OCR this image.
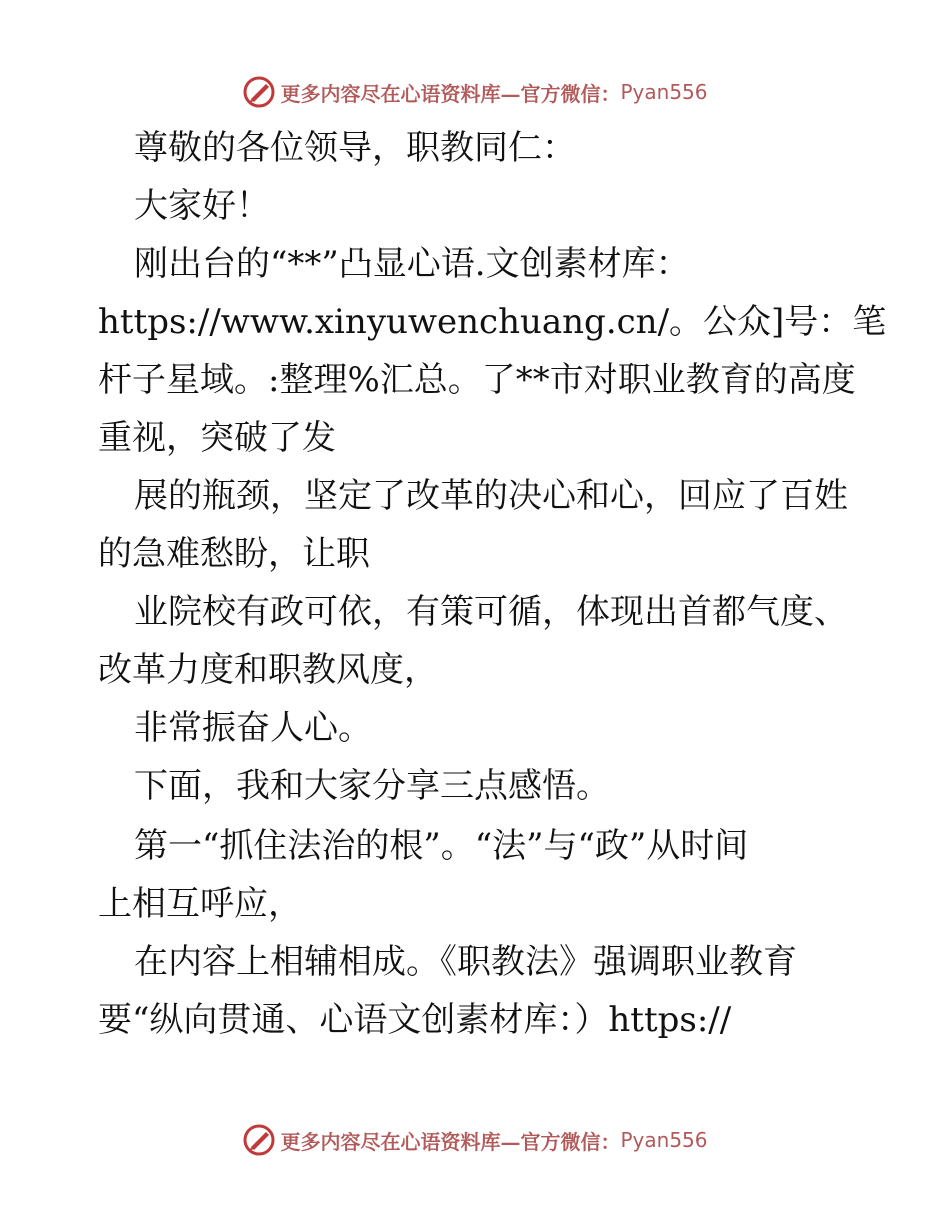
更多内容尽在心语资料库—官方微信： Pyan556
尊敬的各位领导，职教同仁：
大家好！
刚出台的“**”凸显心语.文创素材库：
https://www.xinyuwenchuang.cn/。公众]号：笔
杆子星域。:整理%汇总。了**市对职业教育的高度
重视，突破了发
展的瓶颈，坚定了改革的决心和心，回应了百姓
的急难愁盼，让职
业院校有政可依，有策可循，体现出首都气度、
改革力度和职教风度，
非常振奋人心。
下面，我和大家分享三点感悟。
第一“抓住法治的根”。“法”与“政”从时间
上相互呼应，
在内容上相辅相成。《职教法》强调职业教育
要“纵向贯通、心语文创素材库：）https://
更多内容尽在心语资料库—官方微信： Pyan556
